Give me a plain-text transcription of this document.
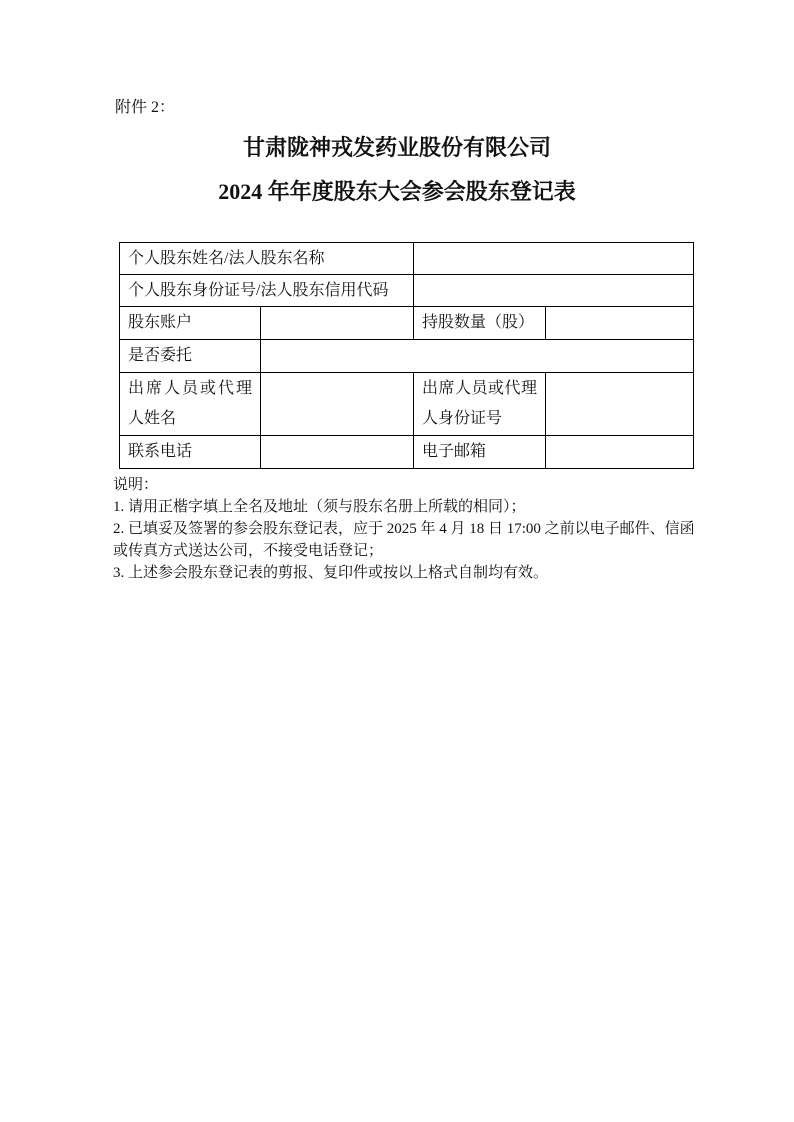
附件 2：
甘肃陇神戎发药业股份有限公司
2024 年年度股东大会参会股东登记表
个人股东姓名/法人股东名称			
个人股东身份证号/法人股东信用代码			
股东账户		持股数量（股）	
是否委托			
出席人员或代理人姓名		出席人员或代理人身份证号	
联系电话		电子邮箱	
说明：
1. 请用正楷字填上全名及地址（须与股东名册上所载的相同）；
2. 已填妥及签署的参会股东登记表，应于 2025 年 4 月 18 日 17:00 之前以电子邮件、信函或传真方式送达公司，不接受电话登记；
3. 上述参会股东登记表的剪报、复印件或按以上格式自制均有效。
